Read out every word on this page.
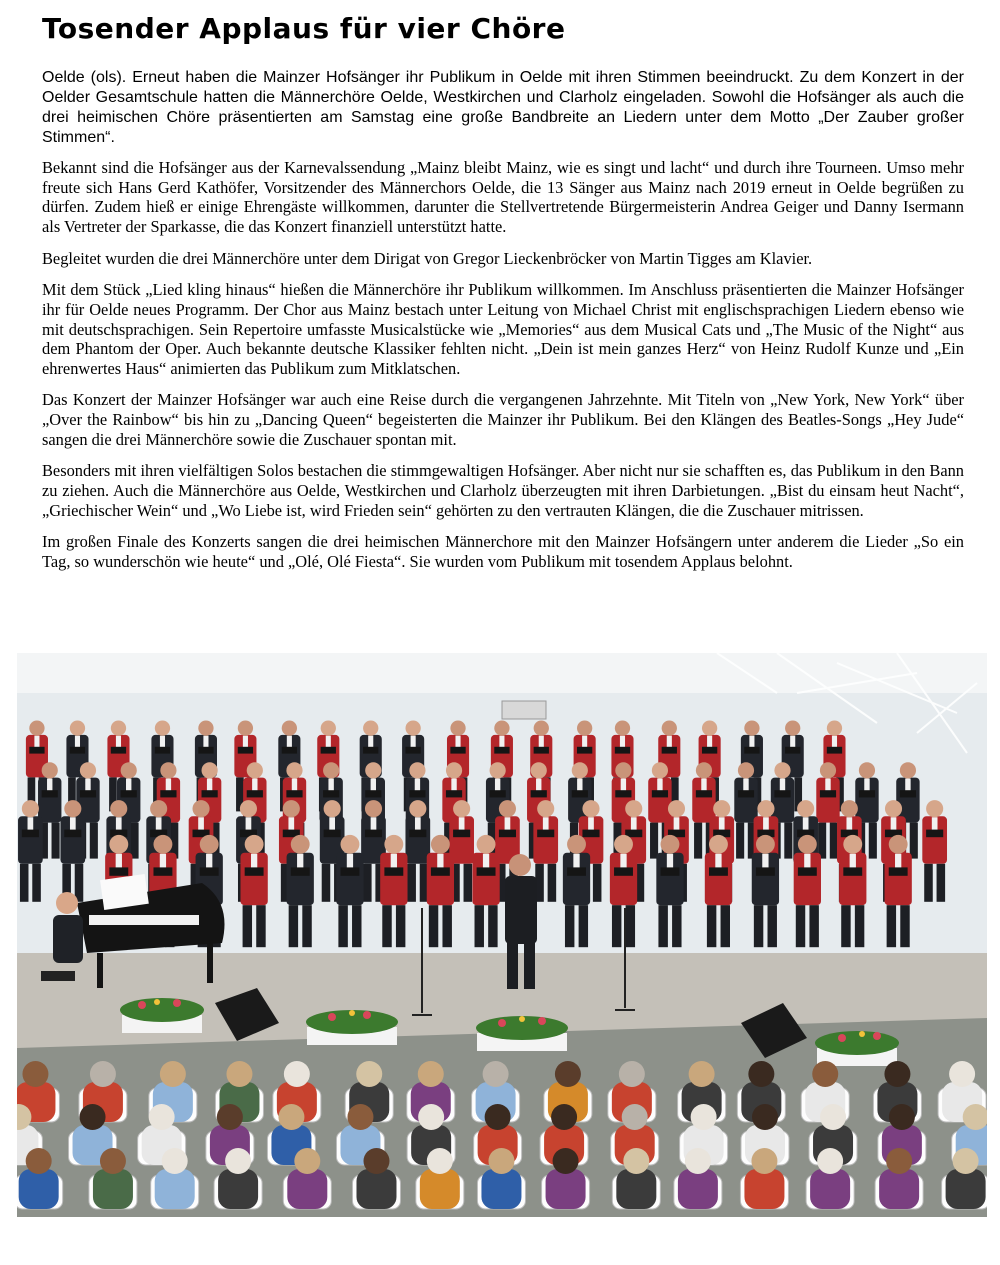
Tosender Applaus für vier Chöre

Oelde (ols). Erneut haben die Mainzer Hofsänger ihr Publikum in Oelde mit ihren Stimmen beeindruckt. Zu dem Konzert in der Oelder Gesamtschule hatten die Männerchöre Oelde, Westkirchen und Clarholz eingeladen. Sowohl die Hofsänger als auch die drei heimischen Chöre präsentierten am Samstag eine große Bandbreite an Liedern unter dem Motto „Der Zauber großer Stimmen“.

Bekannt sind die Hofsänger aus der Karnevalssendung „Mainz bleibt Mainz, wie es singt und lacht“ und durch ihre Tourneen. Umso mehr freute sich Hans Gerd Kathöfer, Vorsitzender des Männerchors Oelde, die 13 Sänger aus Mainz nach 2019 erneut in Oelde begrüßen zu dürfen. Zudem hieß er einige Ehrengäste willkommen, darunter die Stellvertretende Bürgermeisterin Andrea Geiger und Danny Isermann als Vertreter der Sparkasse, die das Konzert finanziell unterstützt hatte.

Begleitet wurden die drei Männerchöre unter dem Dirigat von Gregor Lieckenbröcker von Martin Tigges am Klavier.

Mit dem Stück „Lied kling hinaus“ hießen die Männerchöre ihr Publikum willkommen. Im Anschluss präsentierten die Mainzer Hofsänger ihr für Oelde neues Programm. Der Chor aus Mainz bestach unter Leitung von Michael Christ mit englischsprachigen Liedern ebenso wie mit deutschsprachigen. Sein Repertoire umfasste Musicalstücke wie „Memories“ aus dem Musical Cats und „The Music of the Night“ aus dem Phantom der Oper. Auch bekannte deutsche Klassiker fehlten nicht. „Dein ist mein ganzes Herz“ von Heinz Rudolf Kunze und „Ein ehrenwertes Haus“ animierten das Publikum zum Mitklatschen.

Das Konzert der Mainzer Hofsänger war auch eine Reise durch die vergangenen Jahrzehnte. Mit Titeln von „New York, New York“ über „Over the Rainbow“ bis hin zu „Dancing Queen“ begeisterten die Mainzer ihr Publikum. Bei den Klängen des Beatles-Songs „Hey Jude“ sangen die drei Männerchöre sowie die Zuschauer spontan mit.

Besonders mit ihren vielfältigen Solos bestachen die stimmgewaltigen Hofsänger. Aber nicht nur sie schafften es, das Publikum in den Bann zu ziehen. Auch die Männerchöre aus Oelde, Westkirchen und Clarholz überzeugten mit ihren Darbietungen. „Bist du einsam heut Nacht“, „Griechischer Wein“ und „Wo Liebe ist, wird Frieden sein“ gehörten zu den vertrauten Klängen, die die Zuschauer mitrissen.

Im großen Finale des Konzerts sangen die drei heimischen Männerchore mit den Mainzer Hofsängern unter anderem die Lieder „So ein Tag, so wunderschön wie heute“ und „Olé, Olé Fiesta“. Sie wurden vom Publikum mit tosendem Applaus belohnt.
